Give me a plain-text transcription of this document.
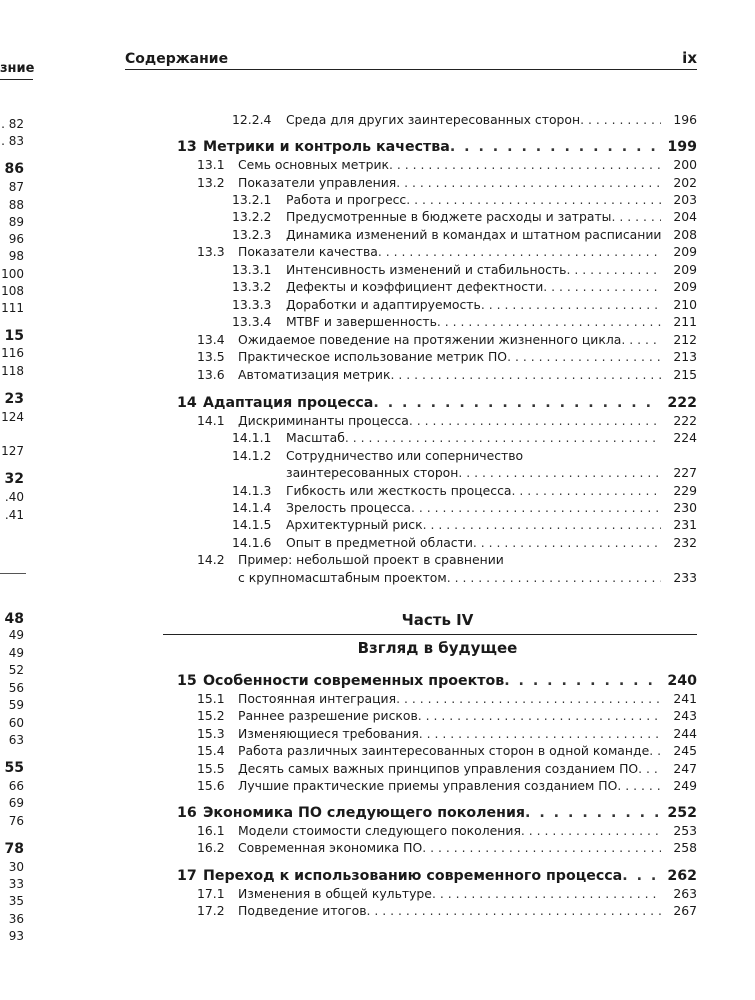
зние
. 82
. 83
86
87
88
89
96
98
100
108
111
15
116
118
23
124
127
32
.40
.41
48
49
49
52
56
59
60
63
55
66
69
76
78
30
33
35
36
93
Содержание	ix
12.2.4 Среда для других заинтересованных сторон . . .	196
13 Метрики и контроль качества . . .	199
13.1 Семь основных метрик . . .	200
13.2 Показатели управления . . .	202
13.2.1 Работа и прогресс . . .	203
13.2.2 Предусмотренные в бюджете расходы и затраты . . .	204
13.2.3 Динамика изменений в командах и штатном расписании 208
13.3 Показатели качества . . .	209
13.3.1 Интенсивность изменений и стабильность . . .	209
13.3.2 Дефекты и коэффициент дефектности . . .	209
13.3.3 Доработки и адаптируемость . . .	210
13.3.4 MTBF и завершенность . . .	211
13.4 Ожидаемое поведение на протяжении жизненного цикла . . .	212
13.5 Практическое использование метрик ПО . . .	213
13.6 Автоматизация метрик . . .	215
14 Адаптация процесса . . .	222
14.1 Дискриминанты процесса . . .	222
14.1.1 Масштаб . . .	224
14.1.2 Сотрудничество или соперничество
заинтересованных сторон . . .	227
14.1.3 Гибкость или жесткость процесса . . .	229
14.1.4 Зрелость процесса . . .	230
14.1.5 Архитектурный риск . . .	231
14.1.6 Опыт в предметной области . . .	232
14.2 Пример: небольшой проект в сравнении
с крупномасштабным проектом . . .	233
15 Особенности современных проектов . . .	240
15.1 Постоянная интеграция . . .	241
15.2 Раннее разрешение рисков . . .	243
15.3 Изменяющиеся требования . . .	244
15.4 Работа различных заинтересованных сторон в одной команде . . .	245
15.5 Десять самых важных принципов управления созданием ПО . . .	247
15.6 Лучшие практические приемы управления созданием ПО . . .	249
16 Экономика ПО следующего поколения . . .	252
16.1 Модели стоимости следующего поколения . . .	253
16.2 Современная экономика ПО . . .	258
17 Переход к использованию современного процесса . . .	262
17.1 Изменения в общей культуре . . .	263
17.2 Подведение итогов . . .	267
Часть IV
Взгляд в будущее
